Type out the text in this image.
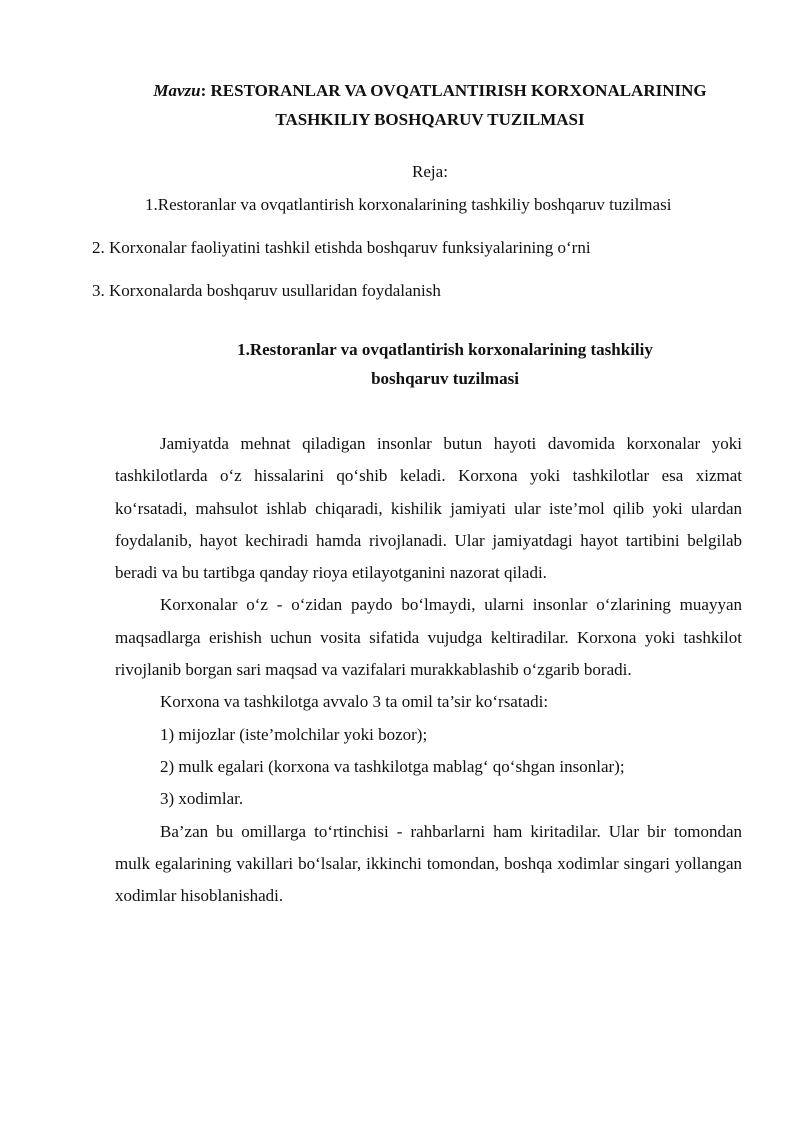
Mavzu: RESTORANLAR VA OVQATLANTIRISH KORXONALARINING
TASHKILIY BOSHQARUV TUZILMASI
Reja:
1.Restoranlar va ovqatlantirish korxonalarining tashkiliy boshqaruv tuzilmasi
2. Korxonalar faoliyatini tashkil etishda boshqaruv funksiyalarining o‘rni
3. Korxonalarda boshqaruv usullaridan foydalanish
1.Restoranlar va ovqatlantirish korxonalarining tashkiliy
boshqaruv tuzilmasi

Jamiyatda mehnat qiladigan insonlar butun hayoti davomida korxonalar yoki tashkilotlarda o‘z hissalarini qo‘shib keladi. Korxona yoki tashkilotlar esa xizmat ko‘rsatadi, mahsulot ishlab chiqaradi, kishilik jamiyati ular iste’mol qilib yoki ulardan foydalanib, hayot kechiradi hamda rivojlanadi. Ular jamiyatdagi hayot tartibini belgilab beradi va bu tartibga qanday rioya etilayotganini nazorat qiladi.

Korxonalar o‘z - o‘zidan paydo bo‘lmaydi, ularni insonlar o‘zlarining muayyan maqsadlarga erishish uchun vosita sifatida vujudga keltiradilar. Korxona yoki tashkilot rivojlanib borgan sari maqsad va vazifalari murakkablashib o‘zgarib boradi.

Korxona va tashkilotga avvalo 3 ta omil ta’sir ko‘rsatadi:

1) mijozlar (iste’molchilar yoki bozor);

2) mulk egalari (korxona va tashkilotga mablag‘ qo‘shgan insonlar);

3) xodimlar.

Ba’zan bu omillarga to‘rtinchisi - rahbarlarni ham kiritadilar. Ular bir tomondan mulk egalarining vakillari bo‘lsalar, ikkinchi tomondan, boshqa xodimlar singari yollangan xodimlar hisoblanishadi.
